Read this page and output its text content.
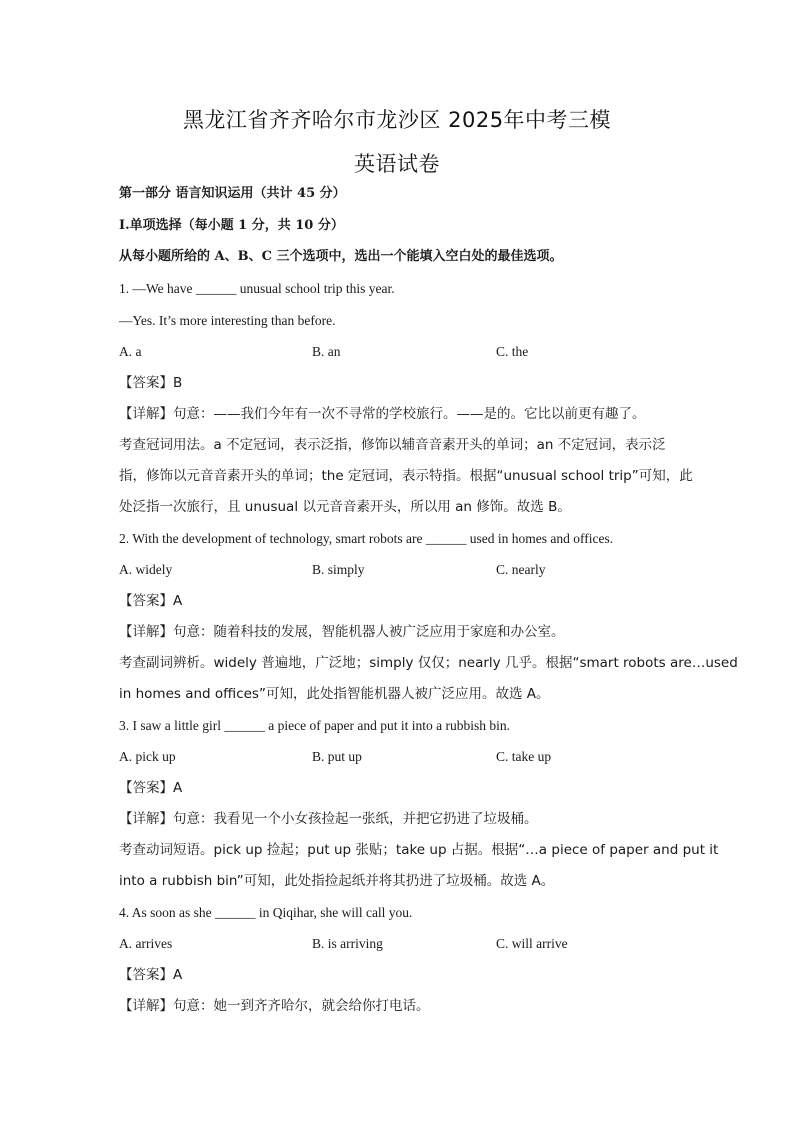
黑龙江省齐齐哈尔市龙沙区 2025年中考三模
英语试卷
第一部分 语言知识运用（共计 45 分）
Ⅰ.单项选择（每小题 1 分，共 10 分）
从每小题所给的 A、B、C 三个选项中，选出一个能填入空白处的最佳选项。
1. —We have ______ unusual school trip this year.
—Yes. It’s more interesting than before.
A. a	B. an	C. the
【答案】B
【详解】句意：——我们今年有一次不寻常的学校旅行。——是的。它比以前更有趣了。
考查冠词用法。a 不定冠词，表示泛指，修饰以辅音音素开头的单词；an 不定冠词，表示泛
指，修饰以元音音素开头的单词；the 定冠词，表示特指。根据“unusual school trip”可知，此
处泛指一次旅行，且 unusual 以元音音素开头，所以用 an 修饰。故选 B。
2. With the development of technology, smart robots are ______ used in homes and offices.
A. widely	B. simply	C. nearly
【答案】A
【详解】句意：随着科技的发展，智能机器人被广泛应用于家庭和办公室。
考查副词辨析。widely 普遍地，广泛地；simply 仅仅；nearly 几乎。根据“smart robots are…used
in homes and offices”可知，此处指智能机器人被广泛应用。故选 A。
3. I saw a little girl ______ a piece of paper and put it into a rubbish bin.
A. pick up	B. put up	C. take up
【答案】A
【详解】句意：我看见一个小女孩捡起一张纸，并把它扔进了垃圾桶。
考查动词短语。pick up 捡起；put up 张贴；take up 占据。根据“…a piece of paper and put it
into a rubbish bin”可知，此处指捡起纸并将其扔进了垃圾桶。故选 A。
4. As soon as she ______ in Qiqihar, she will call you.
A. arrives	B. is arriving	C. will arrive
【答案】A
【详解】句意：她一到齐齐哈尔，就会给你打电话。
